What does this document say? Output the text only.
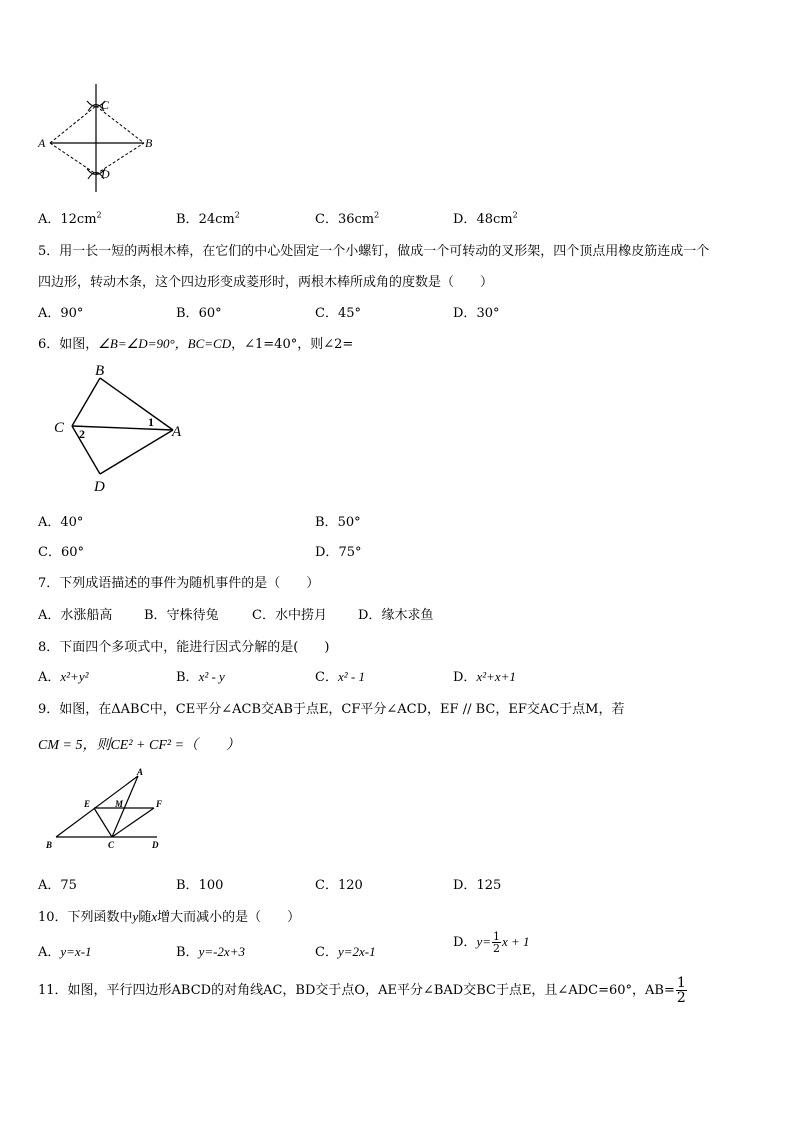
C
A	B
D
A．$12cm^2$	B．$24cm^2$	C．$36cm^2$	D．$48cm^2$
5．用一长一短的两根木棒，在它们的中心处固定一个小螺钉，做成一个可转动的叉形架，四个顶点用橡皮筋连成一个
四边形，转动木条，这个四边形变成菱形时，两根木棒所成角的度数是（　　）
A．90°	B．60°	C．45°	D．30°
6．如图，∠B=∠D=90°，BC=CD，∠1=40°，则∠2=
B
C	A
D
1
2
A．40°	B．50°
C．60°	D．75°
7．下列成语描述的事件为随机事件的是（　　）
A．水涨船高 B．守株待兔	C．水中捞月 D．缘木求鱼
8．下面四个多项式中，能进行因式分解的是(　　)
A．x²+y²	B．x² - y	C．x² - 1	D．x²+x+1
9．如图，在ΔABC中，CE平分∠ACB交AB于点E，CF平分∠ACD，EF // BC，EF交AC于点M，若
CM = 5，则CE² + CF² =（　　）
A
E	M	F
B	C	D
A．75	B．100	C．120	D．125
10．下列函数中y随x增大而减小的是（　　）
A．y=x-1	B．y=-2x+3	C．y=2x-1
D．$y= \frac{1}{2}$ x + 1
11．如图，平行四边形ABCD的对角线AC，BD交于点O，AE平分∠BAD交BC于点E，且∠ADC=60°，$AB= \frac{1}{2}$
